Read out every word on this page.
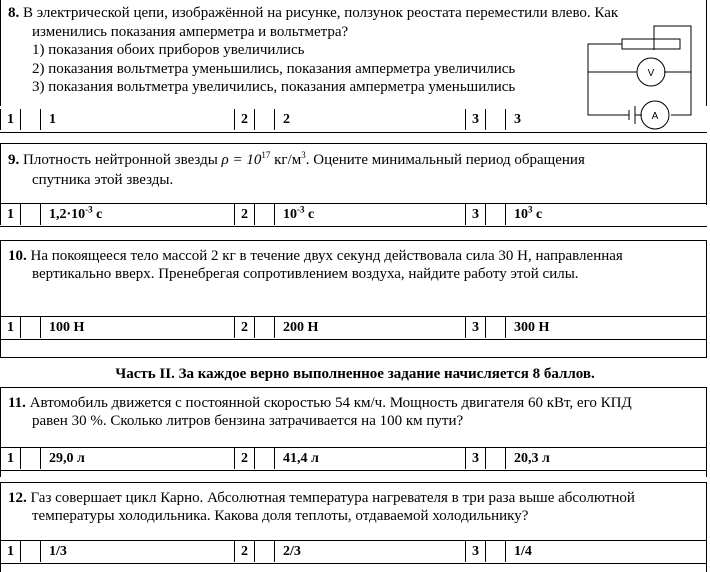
8. В электрической цепи, изображённой на рисунке, ползунок реостата переместили влево. Как
изменились показания амперметра и вольтметра?
1) показания обоих приборов увеличились
2) показания вольтметра уменьшились, показания амперметра увеличились
3) показания вольтметра увеличились, показания амперметра уменьшились
V
A
1	1	2	2	3	3
9. Плотность нейтронной звезды $\rho = 10^{17}$ $кг/м^3$. Оцените минимальный период обращения
спутника этой звезды.
1	$1,2\cdot 10^{-3}$ с	2	$10^{-3}$ с	3	$10^3$ с
10. На покоящееся тело массой 2 кг в течение двух секунд действовала сила 30 Н, направленная
вертикально вверх. Пренебрегая сопротивлением воздуха, найдите работу этой силы.
1	100 Н	2	200 Н	3	300 Н
Часть II. За каждое верно выполненное задание начисляется 8 баллов.
11. Автомобиль движется с постоянной скоростью 54 км/ч. Мощность двигателя 60 кВт, его КПД
равен 30 %. Сколько литров бензина затрачивается на 100 км пути?
1	29,0 л	2	41,4 л	3	20,3 л
12. Газ совершает цикл Карно. Абсолютная температура нагревателя в три раза выше абсолютной
температуры холодильника. Какова доля теплоты, отдаваемой холодильнику?
1	1/3	2	2/3	3	1/4
